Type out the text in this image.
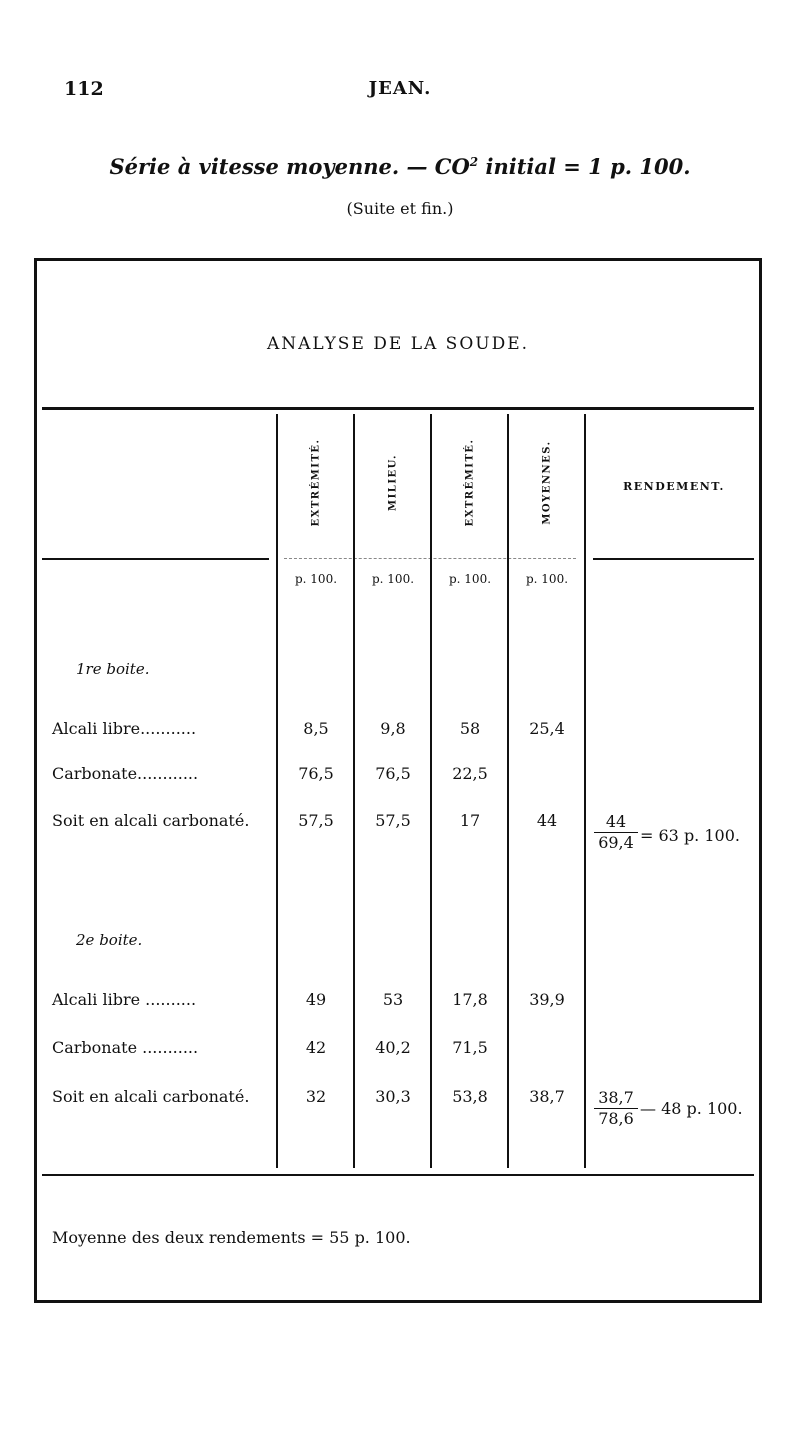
112	JEAN.
Série à vitesse moyenne. — $CO^2$ initial = 1 p. 100.
(Suite et fin.)
ANALYSE DE LA SOUDE.
EXTRÉMITÉ.	MILIEU.	EXTRÉMITÉ.	MOYENNES.	RENDEMENT.
p. 100.	p. 100.	p. 100.	p. 100.
1re boite.
Alcali libre...........	8,5	9,8	58	25,4
Carbonate............	76,5	76,5	22,5
Soit en alcali carbonaté.	57,5	57,5	17	44	$\frac{44}{69,4} = 63$ p. 100.
2e boite.
Alcali libre ..........	49	53	17,8	39,9
Carbonate ...........	42	40,2	71,5
Soit en alcali carbonaté.	32	30,3	53,8	38,7	$\frac{38,7}{78,6}$ — 48 p. 100.
Moyenne des deux rendements = 55 p. 100.
